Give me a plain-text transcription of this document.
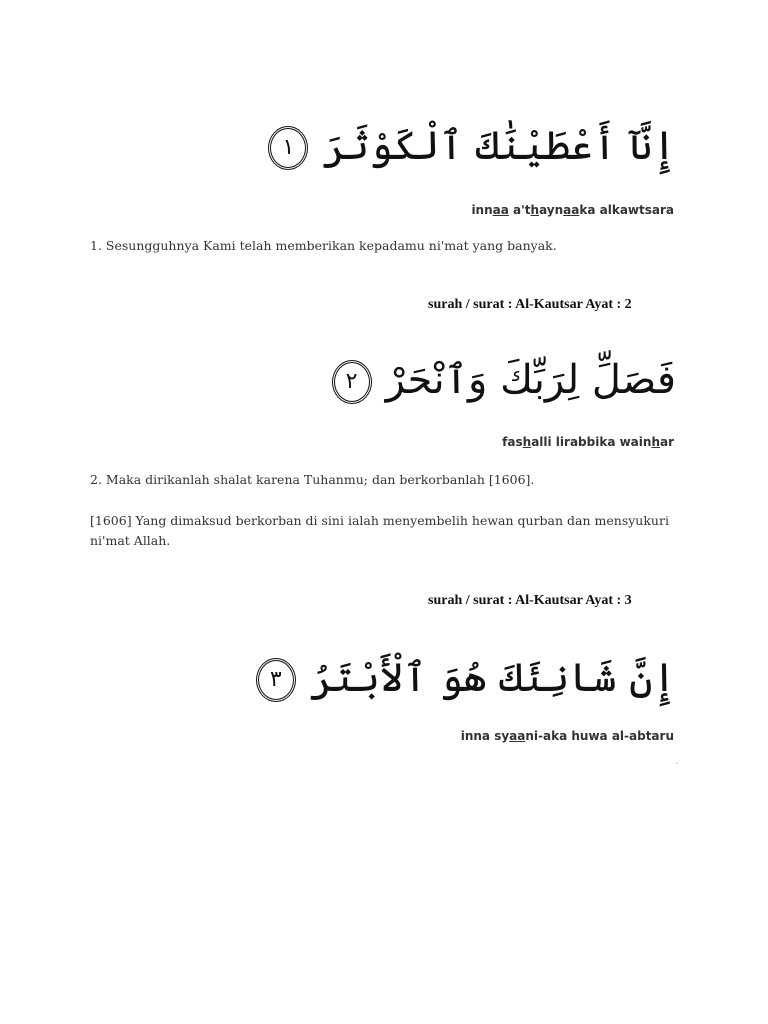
إِنَّآ أَعْطَيْنَٰكَ ٱلْكَوْثَرَ
١
innaa a'thaynaaka alkawtsara
1. Sesungguhnya Kami telah memberikan kepadamu ni'mat yang banyak.
surah / surat : Al-Kautsar Ayat : 2
فَصَلِّ لِرَبِّكَ وَٱنْحَرْ
٢
fashalli lirabbika wainhar
2. Maka dirikanlah shalat karena Tuhanmu; dan berkorbanlah [1606].
[1606] Yang dimaksud berkorban di sini ialah menyembelih hewan qurban dan mensyukuri ni'mat Allah.
surah / surat : Al-Kautsar Ayat : 3
إِنَّ شَانِئَكَ هُوَ ٱلْأَبْتَرُ
٣
inna syaani-aka huwa al-abtaru
